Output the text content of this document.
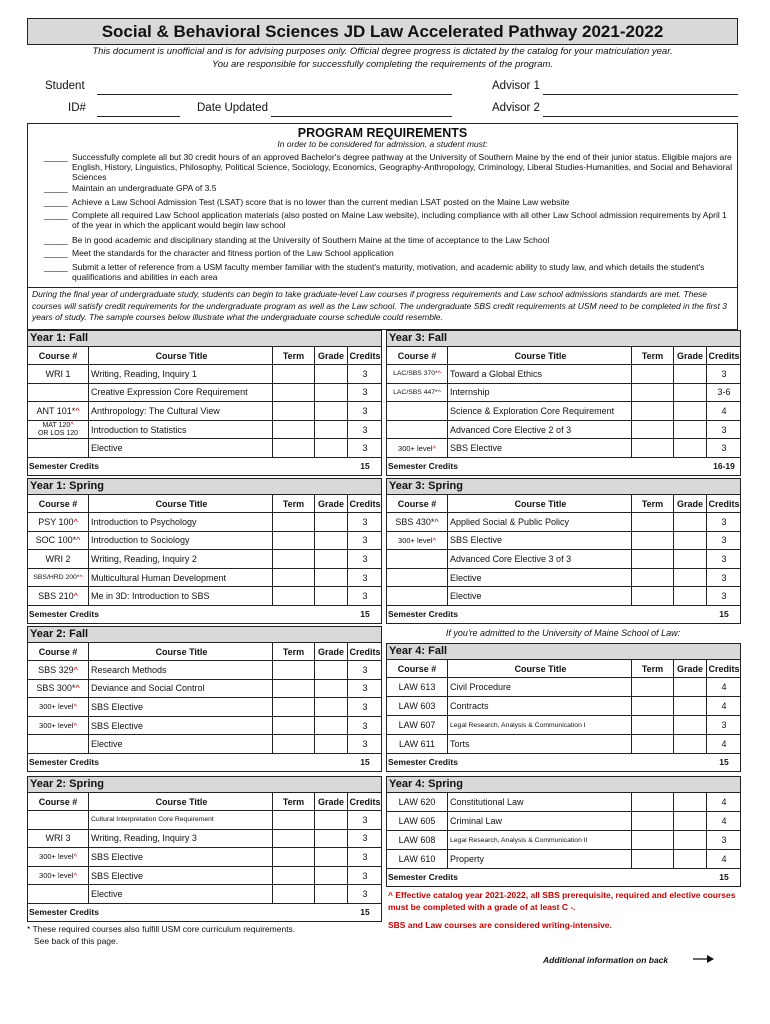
Social & Behavioral Sciences JD Law Accelerated Pathway 2021-2022
This document is unofficial and is for advising purposes only. Official degree progress is dictated by the catalog for your matriculation year.
You are responsible for successfully completing the requirements of the program.
Student
ID#	Date Updated
Advisor 1
Advisor 2
PROGRAM REQUIREMENTS
In order to be considered for admission, a student must:
_____ Successfully complete all but 30 credit hours of an approved Bachelor's degree pathway at the University of Southern Maine by the end of their junior status. Eligible majors are English, History, Linguistics, Philosophy, Political Science, Sociology, Economics, Geography-Anthropology, Criminology, Liberal Studies-Humanities, and Social and Behavioral Sciences
_____ Maintain an undergraduate GPA of 3.5
_____ Achieve a Law School Admission Test (LSAT) score that is no lower than the current median LSAT posted on the Maine Law website
_____ Complete all required Law School application materials (also posted on Maine Law website), including compliance with all other Law School admission requirements by April 1 of the year in which the applicant would begin law school
_____ Be in good academic and disciplinary standing at the University of Southern Maine at the time of acceptance to the Law School
_____ Meet the standards for the character and fitness portion of the Law School application
_____ Submit a letter of reference from a USM faculty member familiar with the student's maturity, motivation, and academic ability to study law, and which details the student's qualifications and abilities in each area
During the final year of undergraduate study, students can begin to take graduate-level Law courses if progress requirements and Law school admissions standards are met. These courses will satisfy credit requirements for the undergraduate program as well as the Law school. The undergraduate SBS credit requirements at USM need to be completed in the first 3 years of study. The sample courses below illustrate what the undergraduate course schedule could resemble.
Year 1: Fall
Course #	Course Title	Term	Grade Credits
WRI 1	Writing, Reading, Inquiry 1	3
Creative Expression Core Requirement	3
ANT 101* ^ Anthropology: The Cultural View	3
MAT 120^
OR LOS 120 Introduction to Statistics	3
Elective	3
Semester Credits	15
Year 1: Spring
Course #	Course Title	Term	Grade Credits
PSY 100 ^ Introduction to Psychology	3
SOC 100* ^ Introduction to Sociology	3
WRI 2	Writing, Reading, Inquiry 2	3
SBS/HRD 200* ^ Multicultural Human Development	3
SBS 210 ^ Me in 3D: Introduction to SBS	3
Semester Credits	15
Year 2: Fall
Course #	Course Title	Term	Grade Credits
SBS 329 ^ Research Methods	3
SBS 300* ^ Deviance and Social Control	3
300+ level ^ SBS Elective	3
300+ level ^ SBS Elective	3
Elective	3
Semester Credits	15
Year 2: Spring
Course #	Course Title	Term	Grade Credits
Cultural Interpretation Core Requirement	3
WRI 3	Writing, Reading, Inquiry 3	3
300+ level ^ SBS Elective	3
300+ level ^ SBS Elective	3
Elective	3
Semester Credits	15
Year 3: Fall
Course #	Course Title	Term	Grade Credits
LAC/SBS 370* ^ Toward a Global Ethics	3
LAC/SBS 447* ^ Internship	3-6
Science & Exploration Core Requirement	4
Advanced Core Elective 2 of 3	3
300+ level ^ SBS Elective	3
Semester Credits	16-19
Year 3: Spring
Course #	Course Title	Term	Grade Credits
SBS 430* ^ Applied Social & Public Policy	3
300+ level ^ SBS Elective	3
Advanced Core Elective 3 of 3	3
Elective	3
Elective	3
Semester Credits	15
Year 4: Fall
Course #	Course Title	Term	Grade Credits
LAW 613	Civil Procedure	4
LAW 603	Contracts	4
LAW 607	Legal Research, Analysis & Communication I	3
LAW 611	Torts	4
Semester Credits	15
Year 4: Spring
LAW 620	Constitutional Law	4
LAW 605	Criminal Law	4
LAW 608	Legal Research, Analysis & Communication II	3
LAW 610	Property	4
Semester Credits	15
If you're admitted to the University of Maine School of Law:
* These required courses also fulfill USM core curriculum requirements.
See back of this page.
^ Effective catalog year 2021-2022, all SBS prerequisite, required and elective courses must be completed with a grade of at least C -.
SBS and Law courses are considered writing-intensive.
Additional information on back
